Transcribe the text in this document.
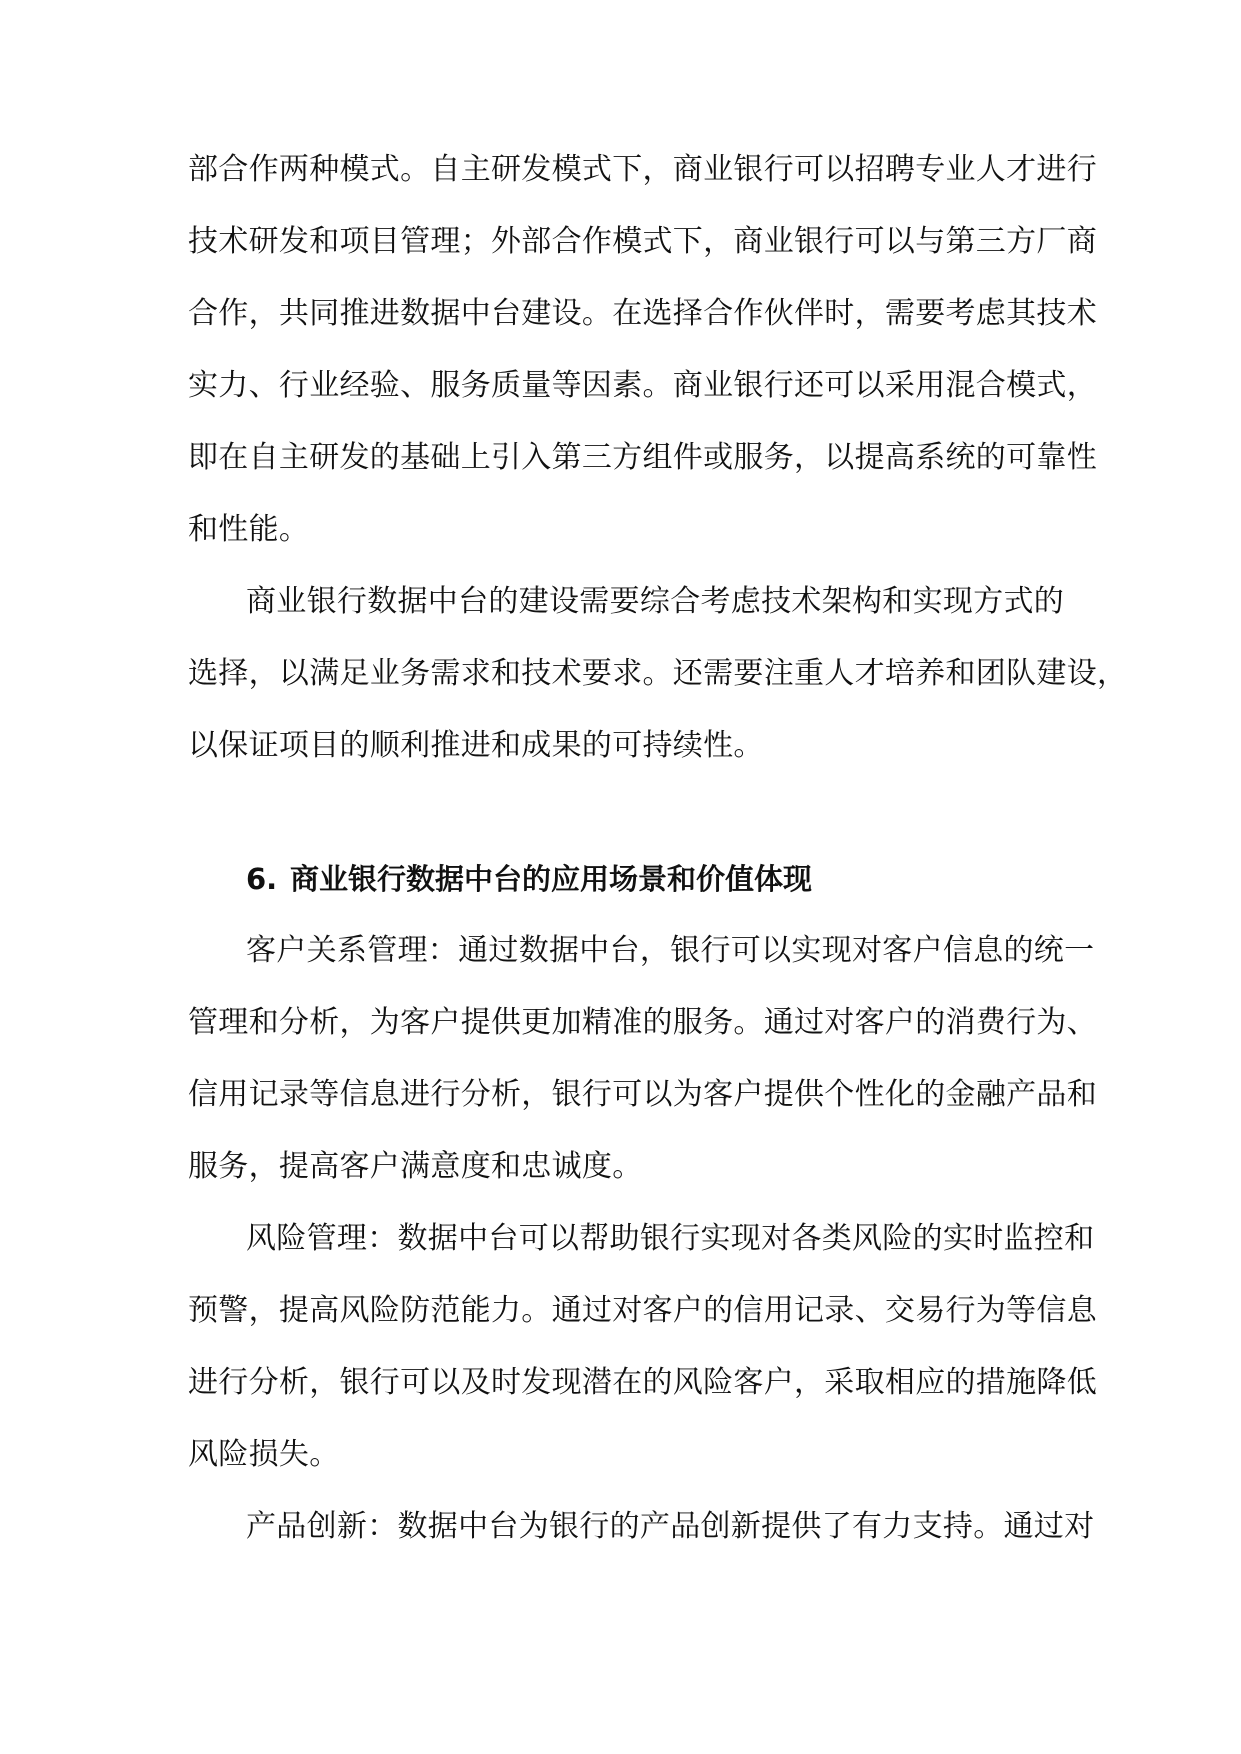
部合作两种模式。自主研发模式下，商业银行可以招聘专业人才进行
技术研发和项目管理；外部合作模式下，商业银行可以与第三方厂商
合作，共同推进数据中台建设。在选择合作伙伴时，需要考虑其技术
实力、行业经验、服务质量等因素。商业银行还可以采用混合模式，
即在自主研发的基础上引入第三方组件或服务，以提高系统的可靠性
和性能。
商业银行数据中台的建设需要综合考虑技术架构和实现方式的
选择，以满足业务需求和技术要求。还需要注重人才培养和团队建设，
以保证项目的顺利推进和成果的可持续性。
6. 商业银行数据中台的应用场景和价值体现
客户关系管理：通过数据中台，银行可以实现对客户信息的统一
管理和分析，为客户提供更加精准的服务。通过对客户的消费行为、
信用记录等信息进行分析，银行可以为客户提供个性化的金融产品和
服务，提高客户满意度和忠诚度。
风险管理：数据中台可以帮助银行实现对各类风险的实时监控和
预警，提高风险防范能力。通过对客户的信用记录、交易行为等信息
进行分析，银行可以及时发现潜在的风险客户，采取相应的措施降低
风险损失。
产品创新：数据中台为银行的产品创新提供了有力支持。通过对
